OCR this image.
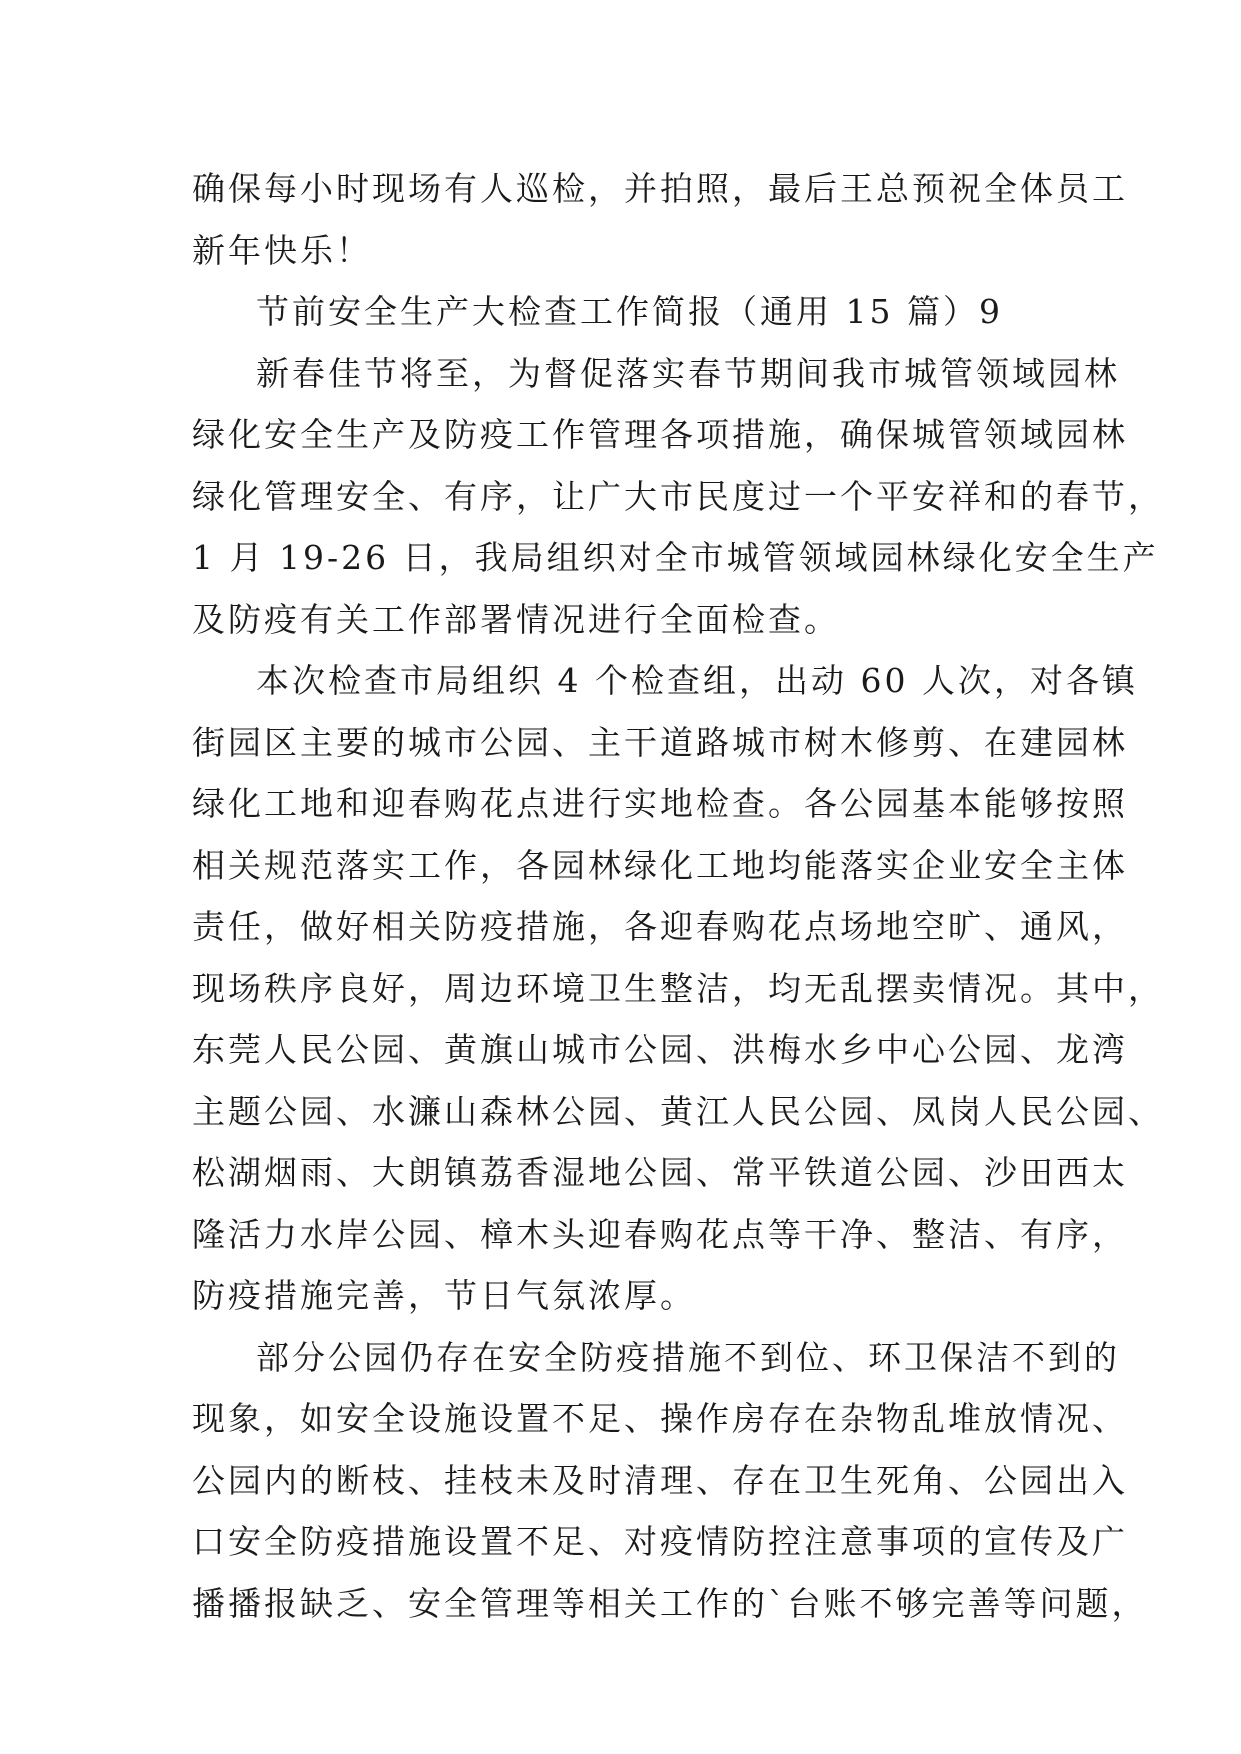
确保每小时现场有人巡检，并拍照，最后王总预祝全体员工
新年快乐！
节前安全生产大检查工作简报（通用 15 篇）9
新春佳节将至，为督促落实春节期间我市城管领域园林
绿化安全生产及防疫工作管理各项措施，确保城管领域园林
绿化管理安全、有序，让广大市民度过一个平安祥和的春节，
1 月 19-26 日，我局组织对全市城管领域园林绿化安全生产
及防疫有关工作部署情况进行全面检查。
本次检查市局组织 4 个检查组，出动 60 人次，对各镇
街园区主要的城市公园、主干道路城市树木修剪、在建园林
绿化工地和迎春购花点进行实地检查。各公园基本能够按照
相关规范落实工作，各园林绿化工地均能落实企业安全主体
责任，做好相关防疫措施，各迎春购花点场地空旷、通风，
现场秩序良好，周边环境卫生整洁，均无乱摆卖情况。其中，
东莞人民公园、黄旗山城市公园、洪梅水乡中心公园、龙湾
主题公园、水濂山森林公园、黄江人民公园、凤岗人民公园、
松湖烟雨、大朗镇荔香湿地公园、常平铁道公园、沙田西太
隆活力水岸公园、樟木头迎春购花点等干净、整洁、有序，
防疫措施完善，节日气氛浓厚。
部分公园仍存在安全防疫措施不到位、环卫保洁不到的
现象，如安全设施设置不足、操作房存在杂物乱堆放情况、
公园内的断枝、挂枝未及时清理、存在卫生死角、公园出入
口安全防疫措施设置不足、对疫情防控注意事项的宣传及广
播播报缺乏、安全管理等相关工作的`台账不够完善等问题，
